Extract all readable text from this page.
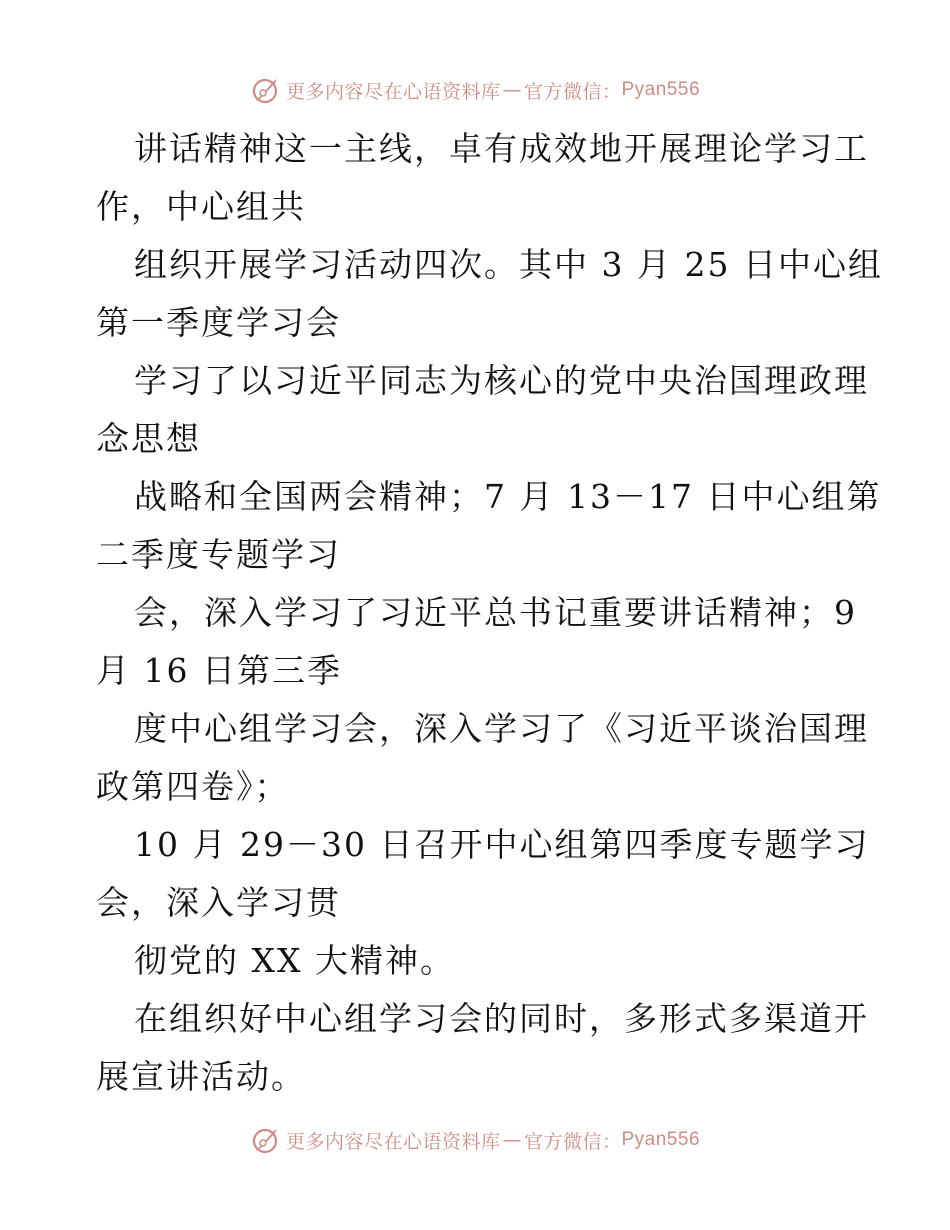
更多内容尽在心语资料库 — 官方微信： Pyan556
讲话精神这一主线，卓有成效地开展理论学习工
作，中心组共
组织开展学习活动四次。其中 3 月 25 日中心组
第一季度学习会
学习了以习近平同志为核心的党中央治国理政理
念思想
战略和全国两会精神；7 月 13－17 日中心组第
二季度专题学习
会，深入学习了习近平总书记重要讲话精神；9
月 16 日第三季
度中心组学习会，深入学习了《习近平谈治国理
政第四卷》；
10 月 29－30 日召开中心组第四季度专题学习
会，深入学习贯
彻党的 XX 大精神。
在组织好中心组学习会的同时，多形式多渠道开
展宣讲活动。
更多内容尽在心语资料库 — 官方微信： Pyan556
